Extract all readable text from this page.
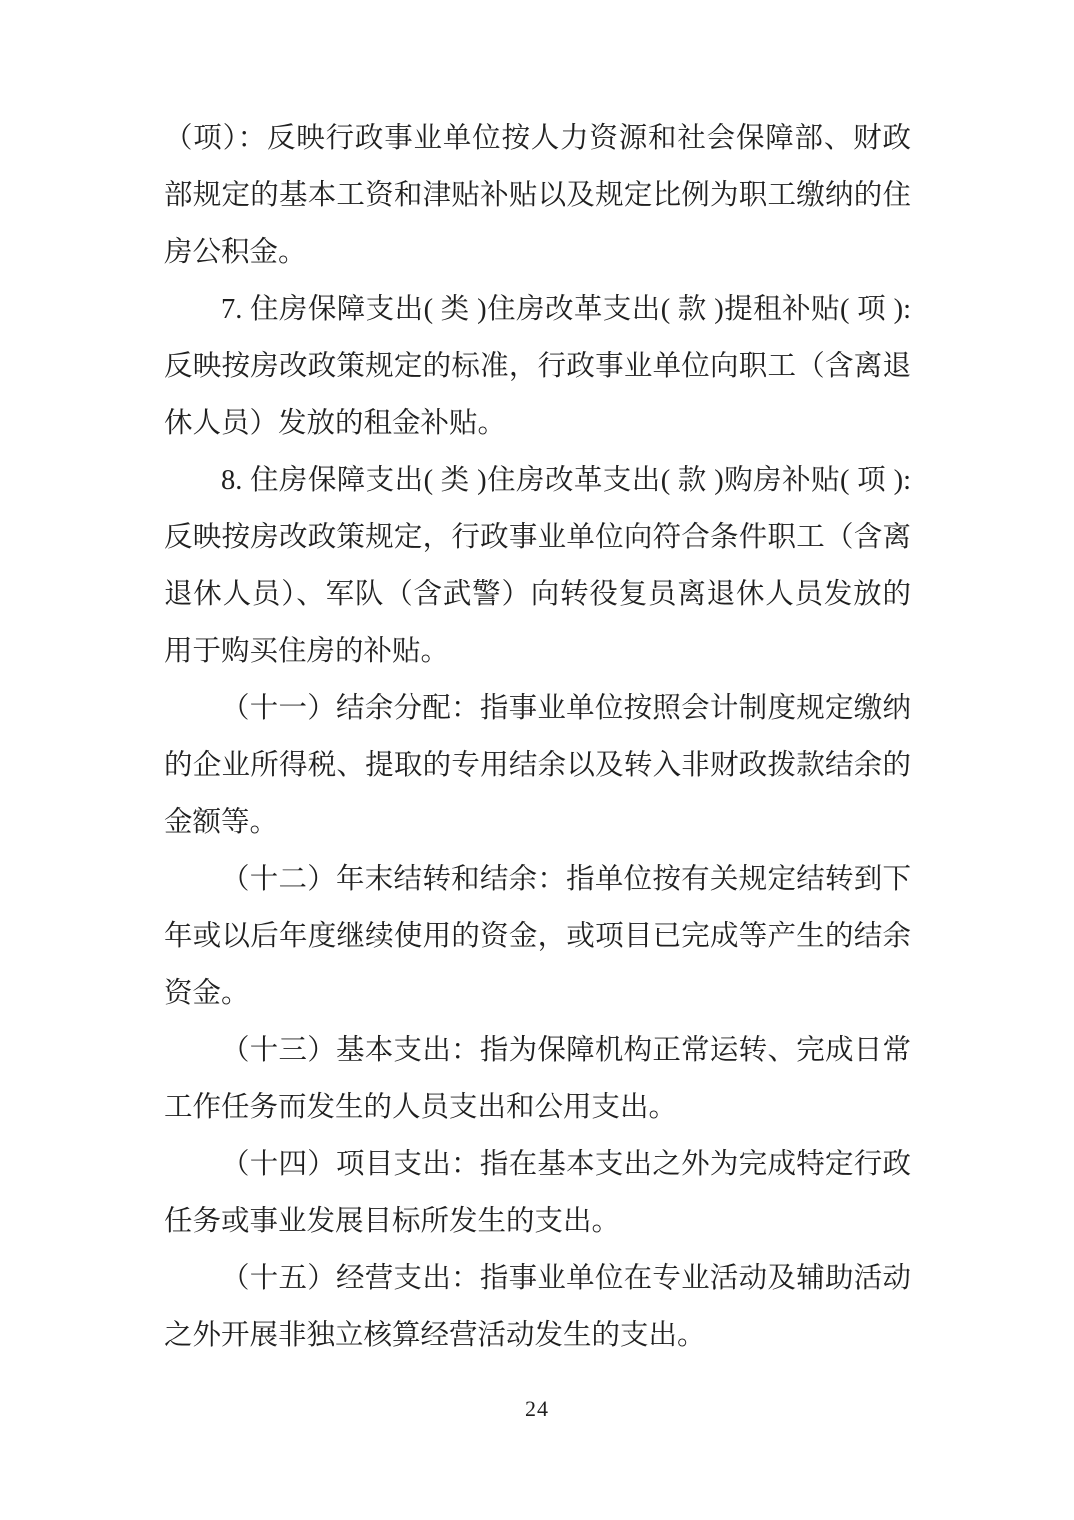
（项）：反映行政事业单位按人力资源和社会保障部、财政部规定的基本工资和津贴补贴以及规定比例为职工缴纳的住房公积金。

7. 住房保障支出( 类 )住房改革支出( 款 )提租补贴( 项 ):反映按房改政策规定的标准，行政事业单位向职工（含离退休人员）发放的租金补贴。

8. 住房保障支出( 类 )住房改革支出( 款 )购房补贴( 项 ):反映按房改政策规定，行政事业单位向符合条件职工（含离退休人员）、军队（含武警）向转役复员离退休人员发放的用于购买住房的补贴。

（十一）结余分配：指事业单位按照会计制度规定缴纳的企业所得税、提取的专用结余以及转入非财政拨款结余的金额等。

（十二）年末结转和结余：指单位按有关规定结转到下年或以后年度继续使用的资金，或项目已完成等产生的结余资金。

（十三）基本支出：指为保障机构正常运转、完成日常工作任务而发生的人员支出和公用支出。

（十四）项目支出：指在基本支出之外为完成特定行政任务或事业发展目标所发生的支出。

（十五）经营支出：指事业单位在专业活动及辅助活动之外开展非独立核算经营活动发生的支出。

24
